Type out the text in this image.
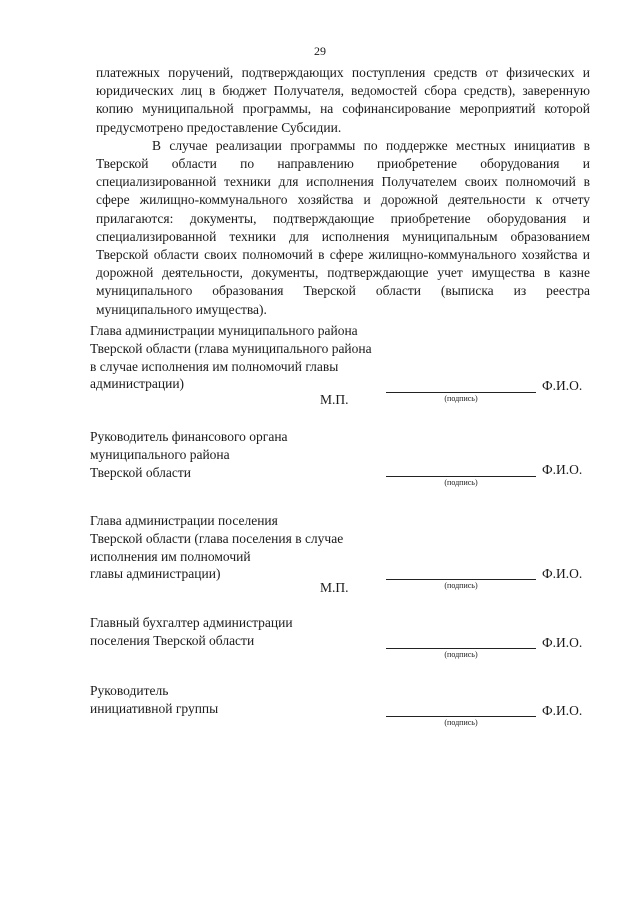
29

платежных поручений, подтверждающих поступления средств от физических и юридических лиц в бюджет Получателя, ведомостей сбора средств), заверенную копию муниципальной программы, на софинансирование мероприятий которой предусмотрено предоставление Субсидии.

В случае реализации программы по поддержке местных инициатив в Тверской области по направлению приобретение оборудования и специализированной техники для исполнения Получателем своих полномочий в сфере жилищно-коммунального хозяйства и дорожной деятельности к отчету прилагаются: документы, подтверждающие приобретение оборудования и специализированной техники для исполнения муниципальным образованием Тверской области своих полномочий в сфере жилищно-коммунального хозяйства и дорожной деятельности, документы, подтверждающие учет имущества в казне муниципального образования Тверской области (выписка из реестра муниципального имущества).

Глава администрации муниципального района
Тверской области (глава муниципального района
в случае исполнения им полномочий главы
администрации)
(подпись)
Ф.И.О.
М.П.
Руководитель финансового органа
муниципального района
Тверской области
(подпись)
Ф.И.О.
Глава администрации поселения
Тверской области (глава поселения в случае
исполнения им полномочий
главы администрации)
(подпись)
Ф.И.О.
М.П.
Главный бухгалтер администрации
поселения Тверской области
(подпись)
Ф.И.О.
Руководитель
инициативной группы
(подпись)
Ф.И.О.
